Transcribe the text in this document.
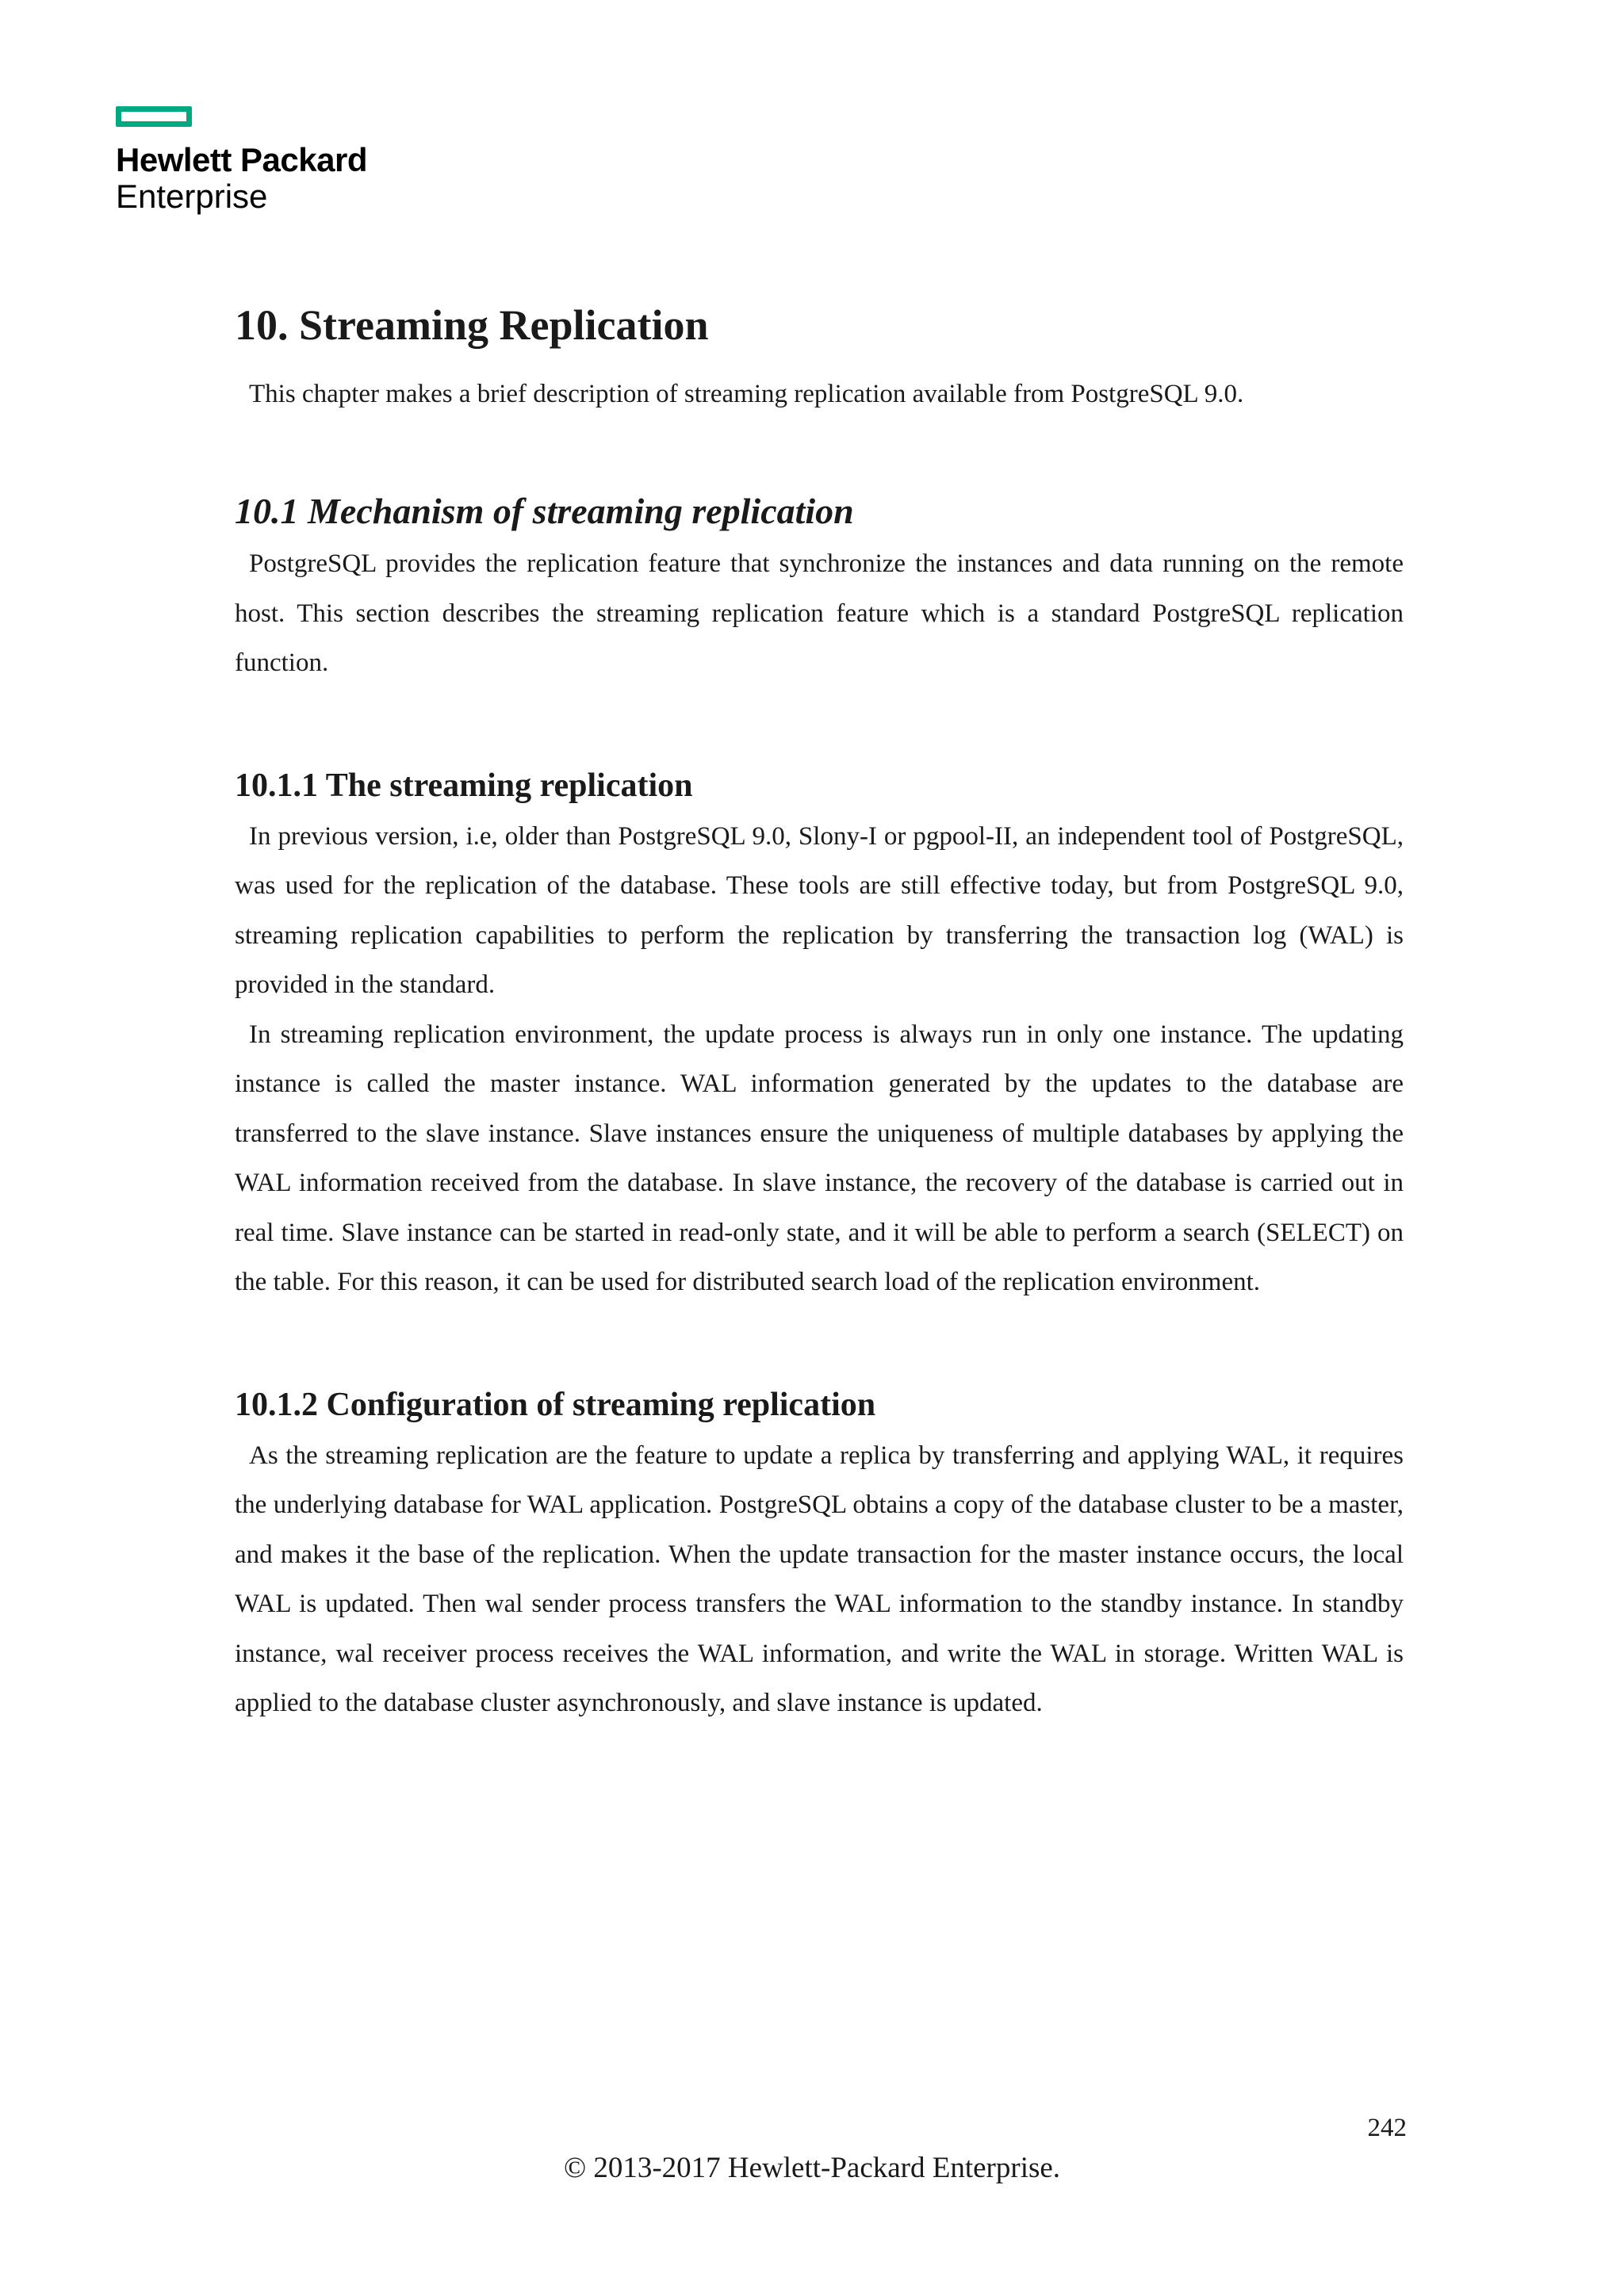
Hewlett Packard
Enterprise
10. Streaming Replication

This chapter makes a brief description of streaming replication available from PostgreSQL 9.0.

10.1 Mechanism of streaming replication

PostgreSQL provides the replication feature that synchronize the instances and data running on the remote host. This section describes the streaming replication feature which is a standard PostgreSQL replication function.

10.1.1 The streaming replication

In previous version, i.e, older than PostgreSQL 9.0, Slony-I or pgpool-II, an independent tool of PostgreSQL, was used for the replication of the database. These tools are still effective today, but from PostgreSQL 9.0, streaming replication capabilities to perform the replication by transferring the transaction log (WAL) is provided in the standard.

In streaming replication environment, the update process is always run in only one instance. The updating instance is called the master instance. WAL information generated by the updates to the database are transferred to the slave instance. Slave instances ensure the uniqueness of multiple databases by applying the WAL information received from the database. In slave instance, the recovery of the database is carried out in real time. Slave instance can be started in read-only state, and it will be able to perform a search (SELECT) on the table. For this reason, it can be used for distributed search load of the replication environment.

10.1.2 Configuration of streaming replication

As the streaming replication are the feature to update a replica by transferring and applying WAL, it requires the underlying database for WAL application. PostgreSQL obtains a copy of the database cluster to be a master, and makes it the base of the replication. When the update transaction for the master instance occurs, the local WAL is updated. Then wal sender process transfers the WAL information to the standby instance. In standby instance, wal receiver process receives the WAL information, and write the WAL in storage. Written WAL is applied to the database cluster asynchronously, and slave instance is updated.

242
© 2013-2017 Hewlett-Packard Enterprise.
